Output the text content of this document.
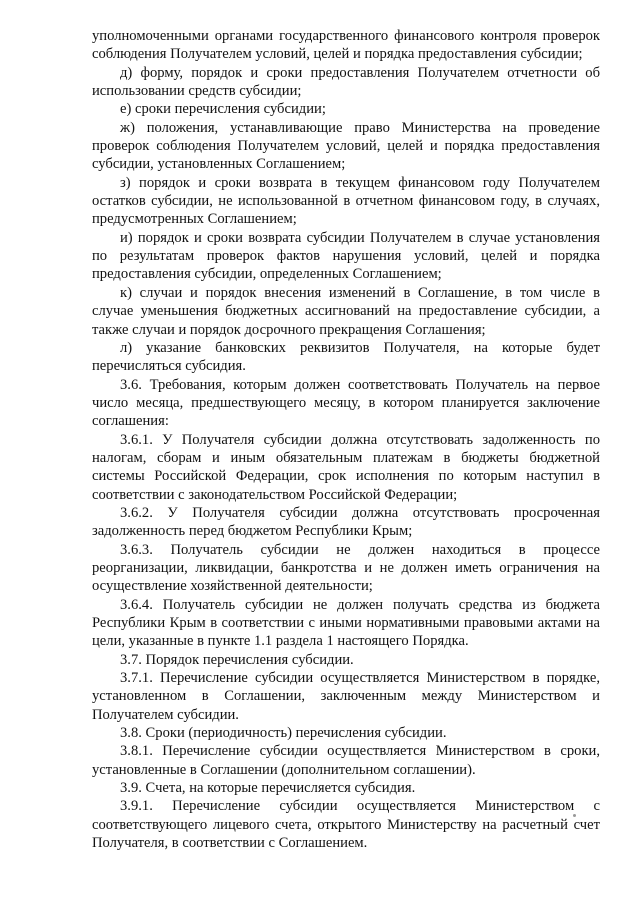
уполномоченными органами государственного финансового контроля проверок соблюдения Получателем условий, целей и порядка предоставления субсидии;

д) форму, порядок и сроки предоставления Получателем отчетности об использовании средств субсидии;

е) сроки перечисления субсидии;

ж) положения, устанавливающие право Министерства на проведение проверок соблюдения Получателем условий, целей и порядка предоставления субсидии, установленных Соглашением;

з) порядок и сроки возврата в текущем финансовом году Получателем остатков субсидии, не использованной в отчетном финансовом году, в случаях, предусмотренных Соглашением;

и) порядок и сроки возврата субсидии Получателем в случае установления по результатам проверок фактов нарушения условий, целей и порядка предоставления субсидии, определенных Соглашением;

к) случаи и порядок внесения изменений в Соглашение, в том числе в случае уменьшения бюджетных ассигнований на предоставление субсидии, а также случаи и порядок досрочного прекращения Соглашения;

л) указание банковских реквизитов Получателя, на которые будет перечисляться субсидия.

3.6. Требования, которым должен соответствовать Получатель на первое число месяца, предшествующего месяцу, в котором планируется заключение соглашения:

3.6.1. У Получателя субсидии должна отсутствовать задолженность по налогам, сборам и иным обязательным платежам в бюджеты бюджетной системы Российской Федерации, срок исполнения по которым наступил в соответствии с законодательством Российской Федерации;

3.6.2. У Получателя субсидии должна отсутствовать просроченная задолженность перед бюджетом Республики Крым;

3.6.3. Получатель субсидии не должен находиться в процессе реорганизации, ликвидации, банкротства и не должен иметь ограничения на осуществление хозяйственной деятельности;

3.6.4. Получатель субсидии не должен получать средства из бюджета Республики Крым в соответствии с иными нормативными правовыми актами на цели, указанные в пункте 1.1 раздела 1 настоящего Порядка.

3.7. Порядок перечисления субсидии.

3.7.1. Перечисление субсидии осуществляется Министерством в порядке, установленном в Соглашении, заключенным между Министерством и Получателем субсидии.

3.8. Сроки (периодичность) перечисления субсидии.

3.8.1. Перечисление субсидии осуществляется Министерством в сроки, установленные в Соглашении (дополнительном соглашении).

3.9. Счета, на которые перечисляется субсидия.

3.9.1. Перечисление субсидии осуществляется Министерством с соответствующего лицевого счета, открытого Министерству на расчетный счет Получателя, в соответствии с Соглашением.
